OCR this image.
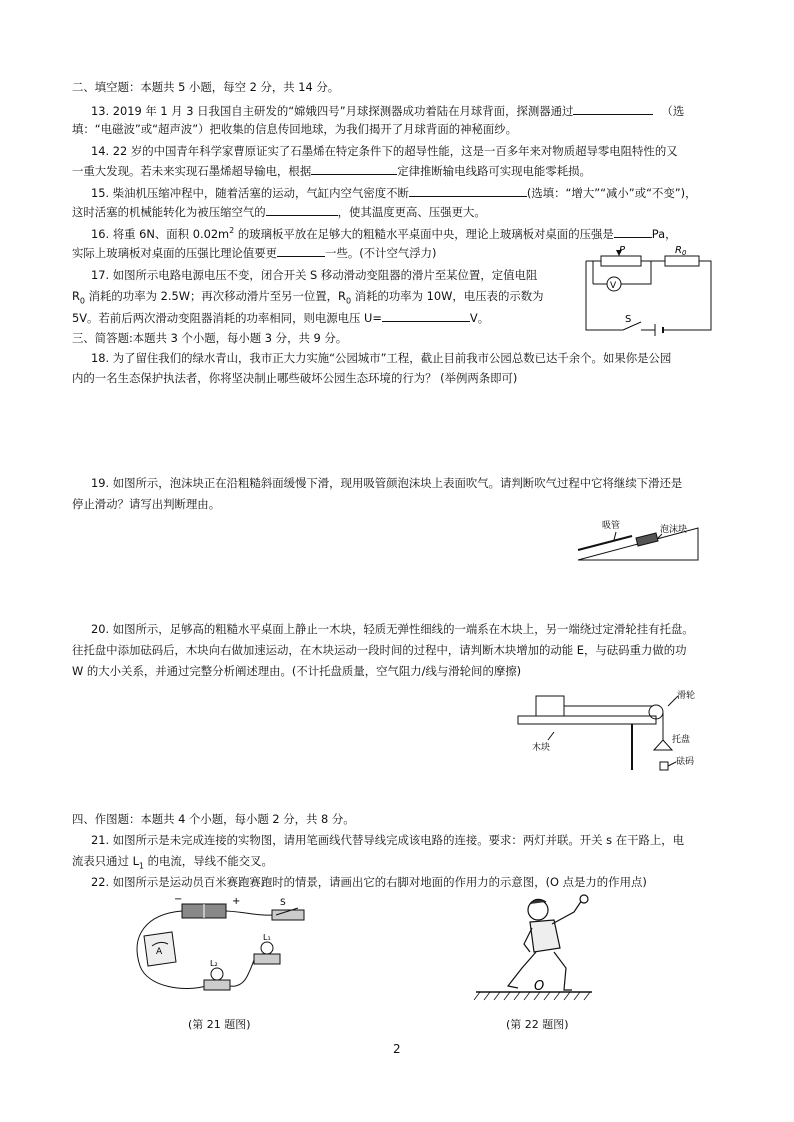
二、填空题：本题共 5 小题，每空 2 分，共 14 分。
13. 2019 年 1 月 3 日我国自主研发的“嫦娥四号”月球探测器成功着陆在月球背面，探测器通过	（选
填：“电磁波”或“超声波”）把收集的信息传回地球，为我们揭开了月球背面的神秘面纱。
14. 22 岁的中国青年科学家曹原证实了石墨烯在特定条件下的超导性能，这是一百多年来对物质超导零电阻特性的又
一重大发现。若未来实现石墨烯超导输电，根据	定律推断输电线路可实现电能零耗损。
15. 柴油机压缩冲程中，随着活塞的运动，气缸内空气密度不断	(选填：“增大”“减小”或“不变”)，
这时活塞的机械能转化为被压缩空气的	，使其温度更高、压强更大。
16. 将重 6N、面积 $0.02m^2$ 的玻璃板平放在足够大的粗糙水平桌面中央，理论上玻璃板对桌面的压强是	Pa，
实际上玻璃板对桌面的压强比理论值要更	一些。(不计空气浮力)
17. 如图所示电路电源电压不变，闭合开关 S 移动滑动变阻器的滑片至某位置，定值电阻
$R_0$ 消耗的功率为 2.5W；再次移动滑片至另一位置，$R_0$ 消耗的功率为 10W，电压表的示数为
5V。若前后两次滑动变阻器消耗的功率相同，则电源电压 U=	V。
P	$R_0$
V
S
三、简答题:本题共 3 个小题，每小题 3 分，共 9 分。
18. 为了留住我们的绿水青山，我市正大力实施“公园城市”工程，截止目前我市公园总数已达千余个。如果你是公园
内的一名生态保护执法者，你将坚决制止哪些破坏公园生态环境的行为？ (举例两条即可)
19. 如图所示，泡沫块正在沿粗糙斜面缓慢下滑，现用吸管颜泡沫块上表面吹气。请判断吹气过程中它将继续下滑还是
停止滑动？请写出判断理由。
吸管	泡沫块
20. 如图所示，足够高的粗糙水平桌面上静止一木块，轻质无弹性细线的一端系在木块上，另一端绕过定滑轮挂有托盘。
往托盘中添加砝码后，木块向右做加速运动，在木块运动一段时间的过程中，请判断木块增加的动能 E，与砝码重力做的功
W 的大小关系，并通过完整分析阐述理由。(不计托盘质量，空气阻力/线与滑轮间的摩擦)
滑轮
托盘
木块
砝码
四、作图题：本题共 4 个小题，每小题 2 分，共 8 分。
21. 如图所示是未完成连接的实物图，请用笔画线代替导线完成该电路的连接。要求：两灯并联。开关 s 在干路上，电
流表只通过 $L_1$ 的电流，导线不能交叉。
22. 如图所示是运动员百米赛跑赛跑时的情景，请画出它的右脚对地面的作用力的示意图，(O 点是力的作用点)
−	+	S
A
L₁
L₂
(第 21 题图)
O
(第 22 题图)
2
